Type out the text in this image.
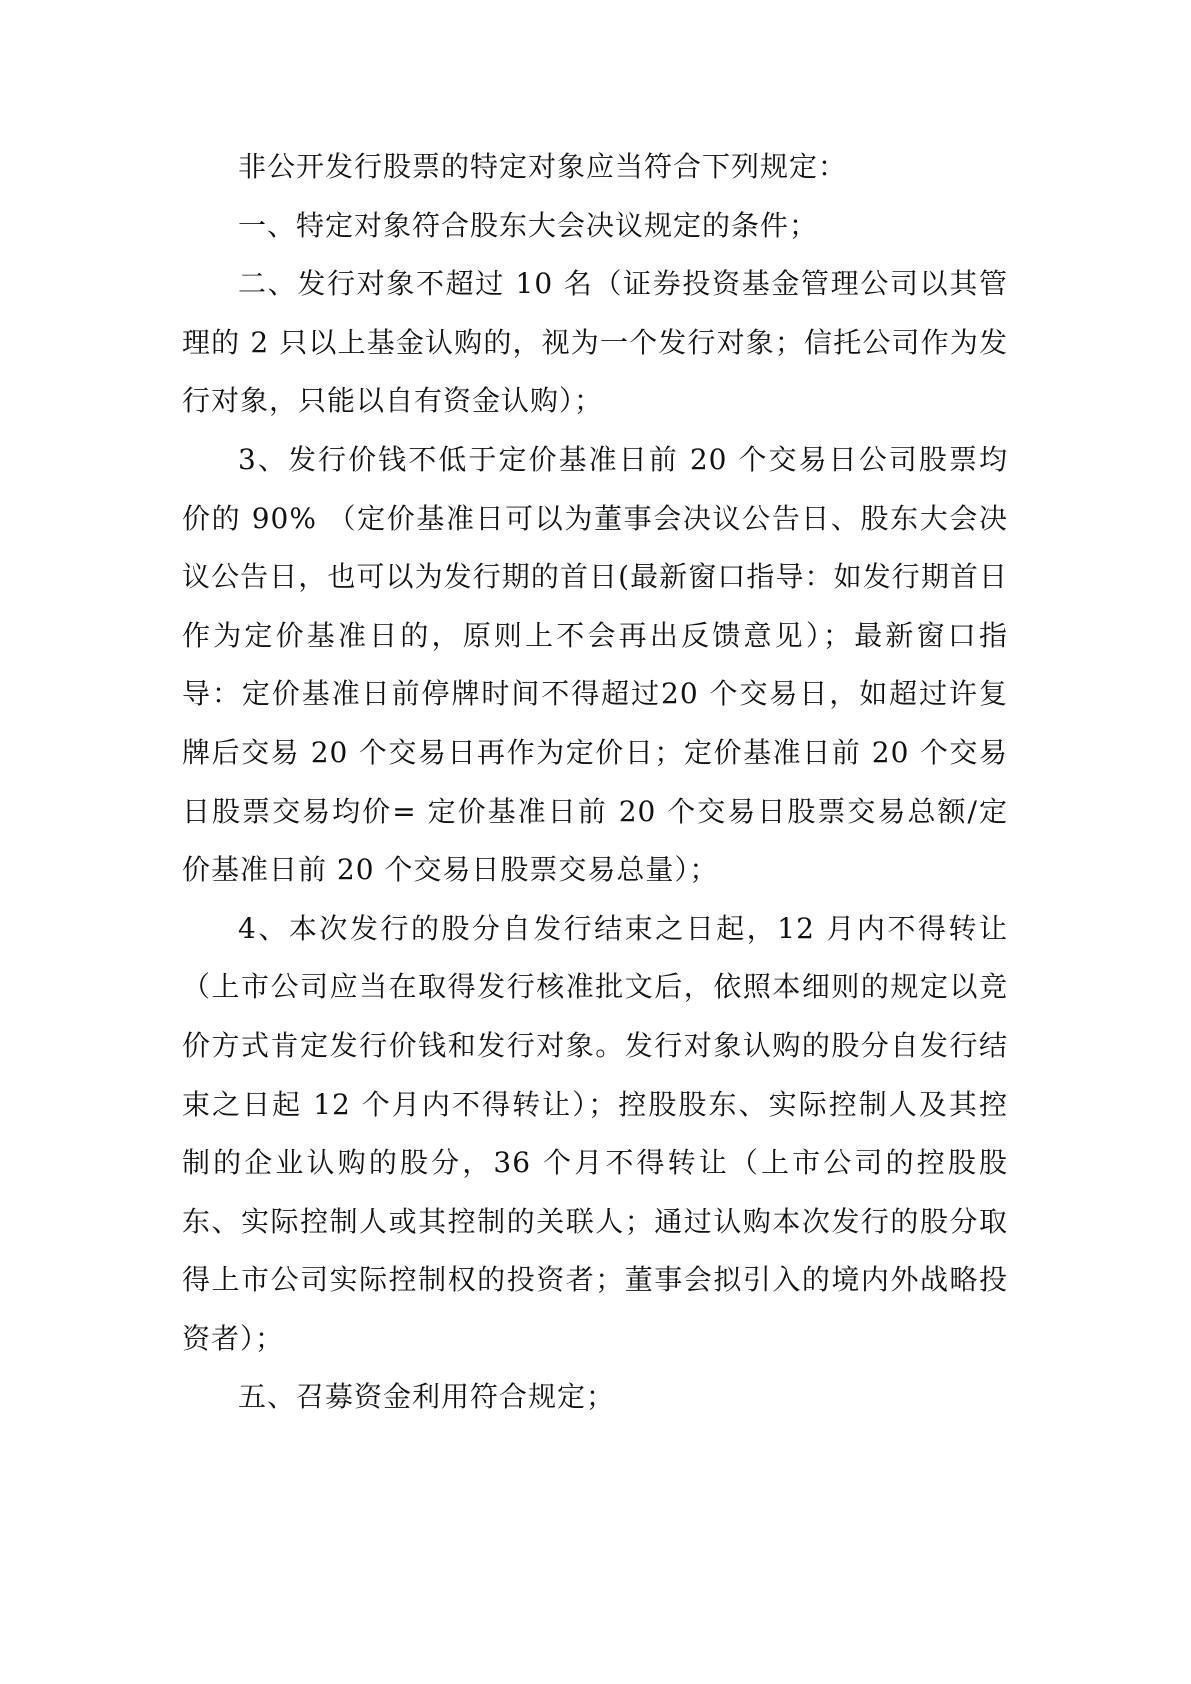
非公开发行股票的特定对象应当符合下列规定：

一、特定对象符合股东大会决议规定的条件；

二、发行对象不超过 10 名（证券投资基金管理公司以其管理的 2 只以上基金认购的，视为一个发行对象；信托公司作为发行对象，只能以自有资金认购）；

3、发行价钱不低于定价基准日前 20 个交易日公司股票均价的 90% （定价基准日可以为董事会决议公告日、股东大会决议公告日，也可以为发行期的首日(最新窗口指导：如发行期首日作为定价基准日的，原则上不会再出反馈意见）；最新窗口指导：定价基准日前停牌时间不得超过20 个交易日，如超过许复牌后交易 20 个交易日再作为定价日；定价基准日前 20 个交易日股票交易均价= 定价基准日前 20 个交易日股票交易总额/定价基准日前 20 个交易日股票交易总量）；

4、本次发行的股分自发行结束之日起，12 月内不得转让（上市公司应当在取得发行核准批文后，依照本细则的规定以竞价方式肯定发行价钱和发行对象。发行对象认购的股分自发行结束之日起 12 个月内不得转让）；控股股东、实际控制人及其控制的企业认购的股分，36 个月不得转让（上市公司的控股股东、实际控制人或其控制的关联人；通过认购本次发行的股分取得上市公司实际控制权的投资者；董事会拟引入的境内外战略投资者）；

五、召募资金利用符合规定；
